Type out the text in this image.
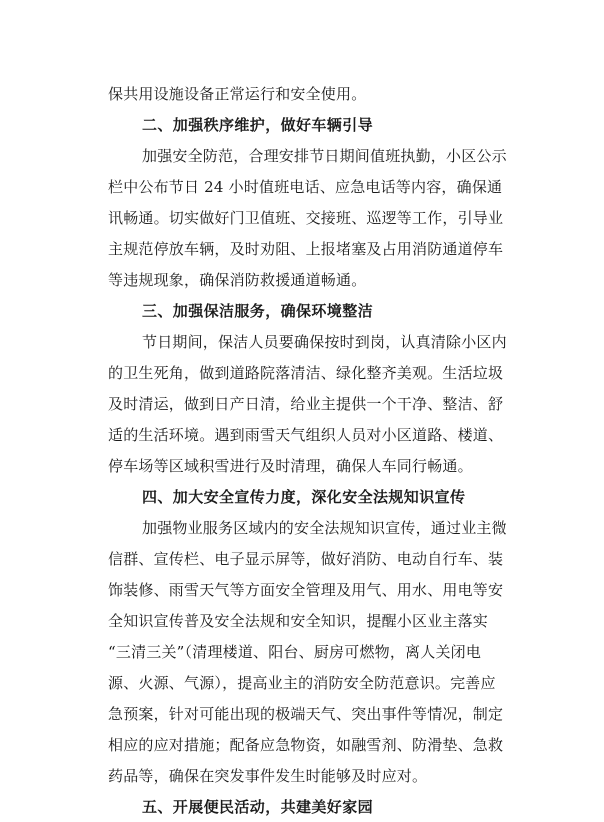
保共用设施设备正常运行和安全使用。
二、加强秩序维护，做好车辆引导
加强安全防范，合理安排节日期间值班执勤，小区公示
栏中公布节日 24 小时值班电话、应急电话等内容，确保通
讯畅通。切实做好门卫值班、交接班、巡逻等工作，引导业
主规范停放车辆，及时劝阻、上报堵塞及占用消防通道停车
等违规现象，确保消防救援通道畅通。
三、加强保洁服务，确保环境整洁
节日期间，保洁人员要确保按时到岗，认真清除小区内
的卫生死角，做到道路院落清洁、绿化整齐美观。生活垃圾
及时清运，做到日产日清，给业主提供一个干净、整洁、舒
适的生活环境。遇到雨雪天气组织人员对小区道路、楼道、
停车场等区域积雪进行及时清理，确保人车同行畅通。
四、加大安全宣传力度，深化安全法规知识宣传
加强物业服务区域内的安全法规知识宣传，通过业主微
信群、宣传栏、电子显示屏等，做好消防、电动自行车、装
饰装修、雨雪天气等方面安全管理及用气、用水、用电等安
全知识宣传普及安全法规和安全知识，提醒小区业主落实
“三清三关”（清理楼道、阳台、厨房可燃物，离人关闭电
源、火源、气源），提高业主的消防安全防范意识。完善应
急预案，针对可能出现的极端天气、突出事件等情况，制定
相应的应对措施；配备应急物资，如融雪剂、防滑垫、急救
药品等，确保在突发事件发生时能够及时应对。
五、开展便民活动，共建美好家园
